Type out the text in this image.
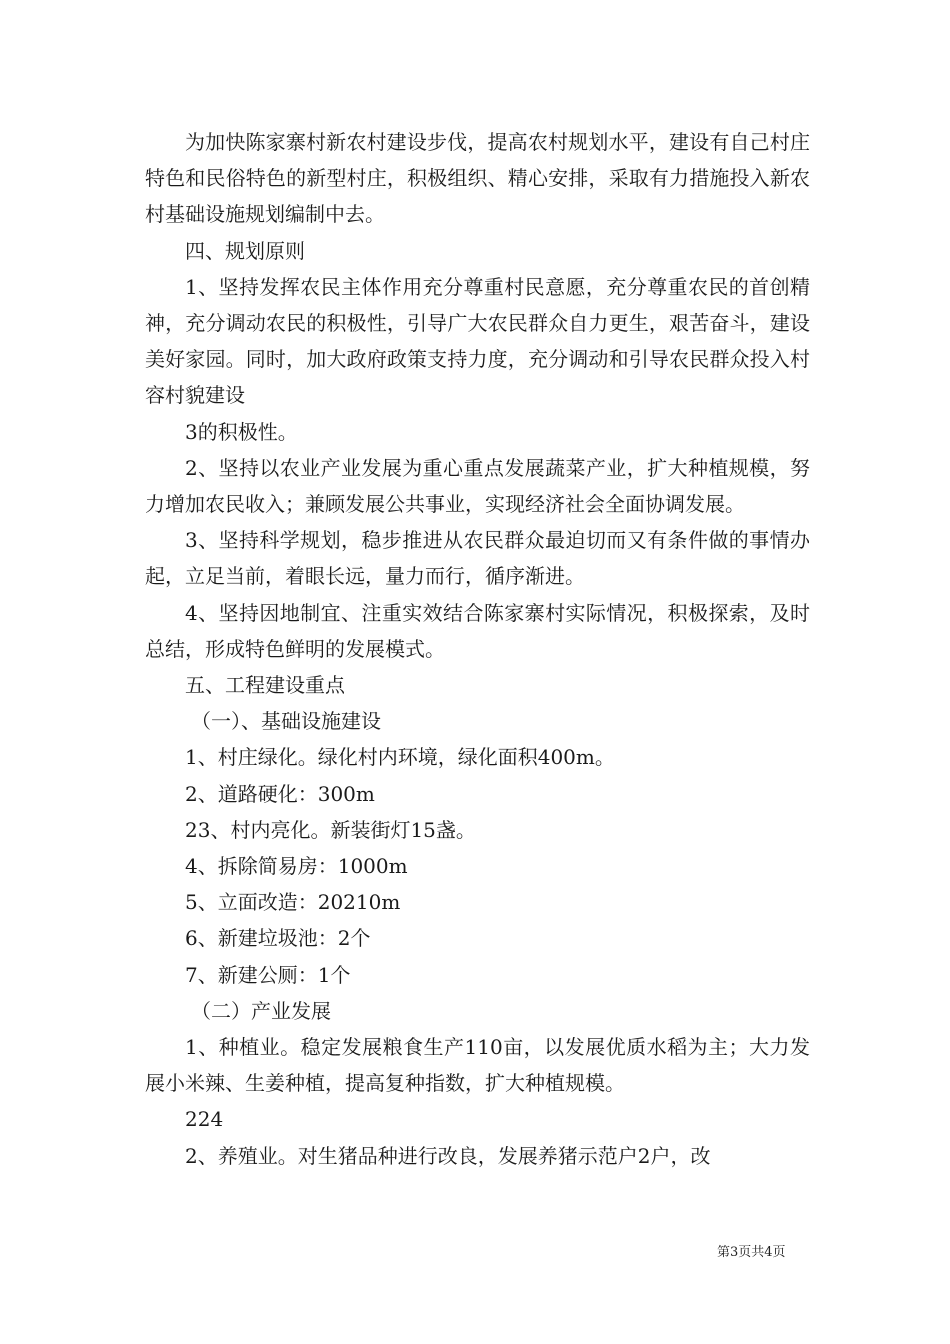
为加快陈家寨村新农村建设步伐，提高农村规划水平，建设有自己村庄特色和民俗特色的新型村庄，积极组织、精心安排，采取有力措施投入新农村基础设施规划编制中去。

四、规划原则

1、坚持发挥农民主体作用充分尊重村民意愿，充分尊重农民的首创精神，充分调动农民的积极性，引导广大农民群众自力更生，艰苦奋斗，建设美好家园。同时，加大政府政策支持力度，充分调动和引导农民群众投入村容村貌建设

3的积极性。

2、坚持以农业产业发展为重心重点发展蔬菜产业，扩大种植规模，努力增加农民收入；兼顾发展公共事业，实现经济社会全面协调发展。

3、坚持科学规划，稳步推进从农民群众最迫切而又有条件做的事情办起，立足当前，着眼长远，量力而行，循序渐进。

4、坚持因地制宜、注重实效结合陈家寨村实际情况，积极探索，及时总结，形成特色鲜明的发展模式。

五、工程建设重点

（一）、基础设施建设

1、村庄绿化。绿化村内环境，绿化面积400m。

2、道路硬化：300m

23、村内亮化。新装街灯15盏。

4、拆除简易房：1000m

5、立面改造：20210m

6、新建垃圾池：2个

7、新建公厕：1个

（二）产业发展

1、种植业。稳定发展粮食生产110亩，以发展优质水稻为主；大力发展小米辣、生姜种植，提高复种指数，扩大种植规模。

224

2、养殖业。对生猪品种进行改良，发展养猪示范户2户，改

第3页共4页
